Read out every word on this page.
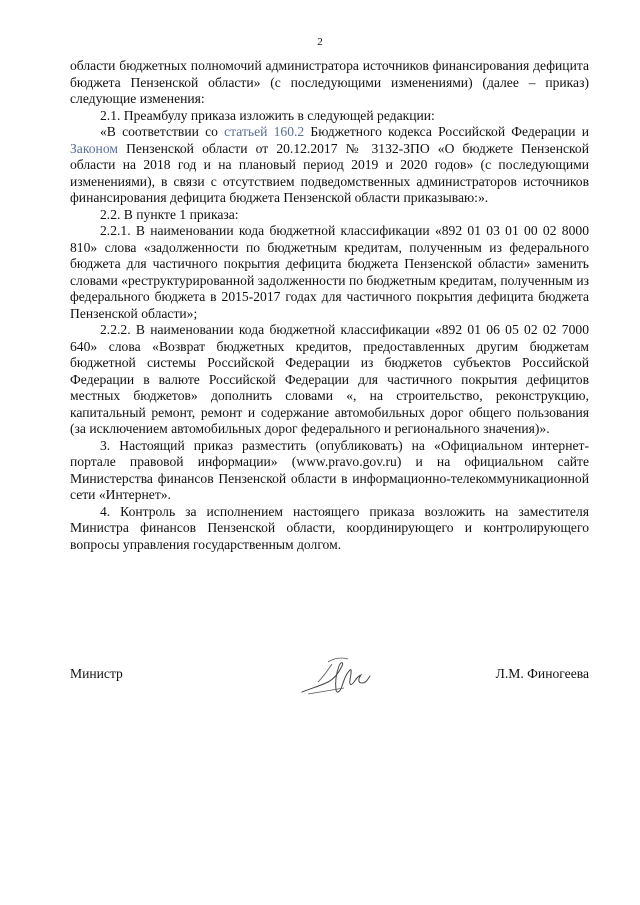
2

области бюджетных полномочий администратора источников финансирования дефицита бюджета Пензенской области» (с последующими изменениями) (далее – приказ) следующие изменения:

2.1. Преамбулу приказа изложить в следующей редакции:

«В соответствии со статьей 160.2 Бюджетного кодекса Российской Федерации и Законом Пензенской области от 20.12.2017 № 3132-ЗПО «О бюджете Пензенской области на 2018 год и на плановый период 2019 и 2020 годов» (с последующими изменениями), в связи с отсутствием подведомственных администраторов источников финансирования дефицита бюджета Пензенской области приказываю:».

2.2. В пункте 1 приказа:

2.2.1. В наименовании кода бюджетной классификации «892 01 03 01 00 02 8000 810» слова «задолженности по бюджетным кредитам, полученным из федерального бюджета для частичного покрытия дефицита бюджета Пензенской области» заменить словами «реструктурированной задолженности по бюджетным кредитам, полученным из федерального бюджета в 2015-2017 годах для частичного покрытия дефицита бюджета Пензенской области»;

2.2.2. В наименовании кода бюджетной классификации «892 01 06 05 02 02 7000 640» слова «Возврат бюджетных кредитов, предоставленных другим бюджетам бюджетной системы Российской Федерации из бюджетов субъектов Российской Федерации в валюте Российской Федерации для частичного покрытия дефицитов местных бюджетов» дополнить словами «, на строительство, реконструкцию, капитальный ремонт, ремонт и содержание автомобильных дорог общего пользования (за исключением автомобильных дорог федерального и регионального значения)».

3. Настоящий приказ разместить (опубликовать) на «Официальном интернет-портале правовой информации» (www.pravo.gov.ru) и на официальном сайте Министерства финансов Пензенской области в информационно-телекоммуникационной сети «Интернет».

4. Контроль за исполнением настоящего приказа возложить на заместителя Министра финансов Пензенской области, координирующего и контролирующего вопросы управления государственным долгом.

Министр	Л.М. Финогеева
